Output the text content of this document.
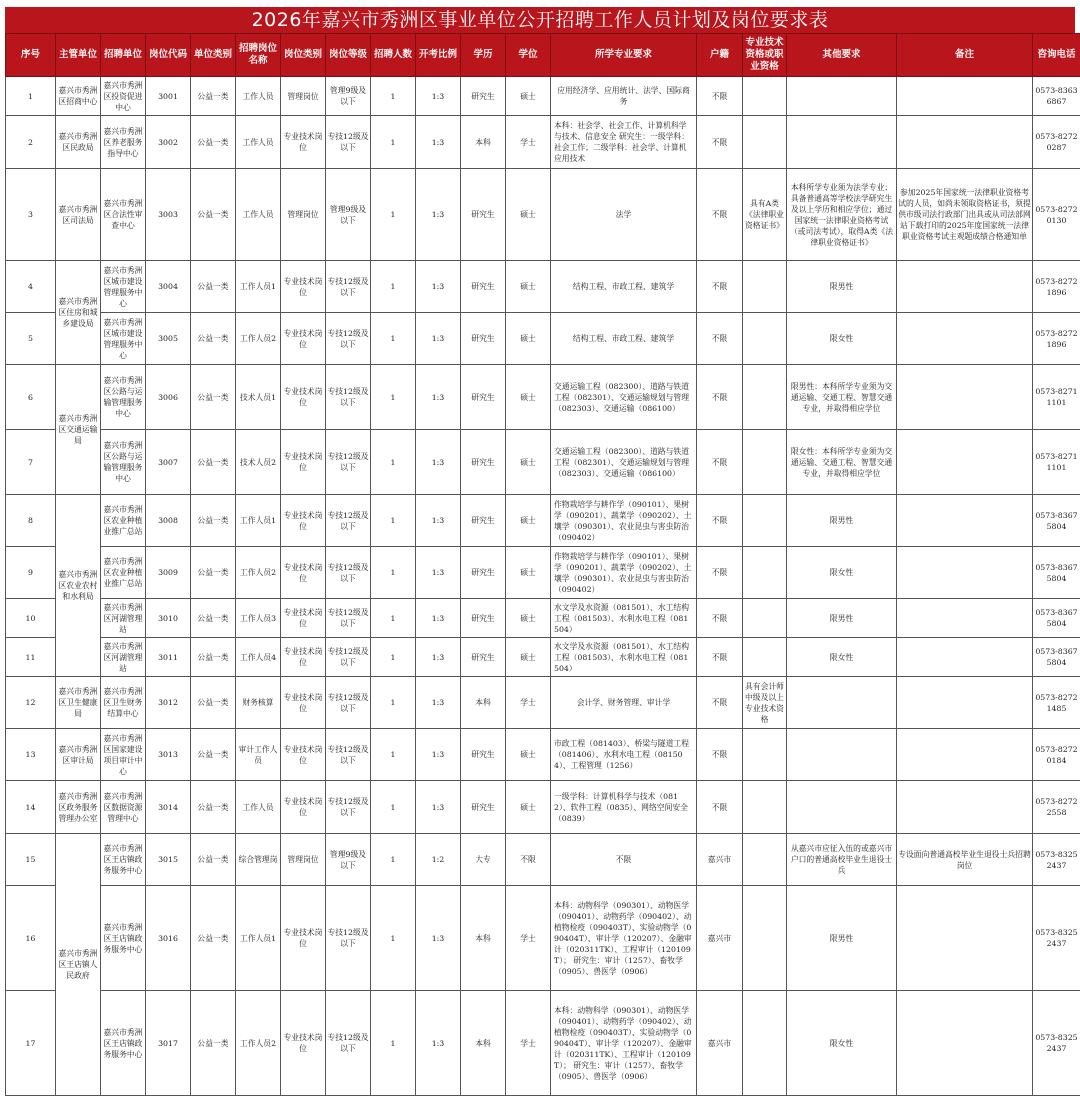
2026年嘉兴市秀洲区事业单位公开招聘工作人员计划及岗位要求表
序号	主管单位	招聘单位	岗位代码	单位类别	招聘岗位名称	岗位类别	岗位等级	招聘人数	开考比例	学历	学位	所学专业要求	户籍	专业技术资格或职业资格	其他要求	备注	咨询电话
1	嘉兴市秀洲区招商中心	嘉兴市秀洲区投资促进中心	3001	公益一类	工作人员	管理岗位	管理9级及以下	1	1:3	研究生	硕士	应用经济学、应用统计、法学、国际商务	不限				0573-83636867
2	嘉兴市秀洲区民政局	嘉兴市秀洲区养老服务指导中心	3002	公益一类	工作人员	专业技术岗位	专技12级及以下	1	1:3	本科	学士	本科：社会学、社会工作、计算机科学与技术、信息安全 研究生：一级学科：社会工作；二级学科：社会学、计算机应用技术	不限				0573-82720287
3	嘉兴市秀洲区司法局	嘉兴市秀洲区合法性审查中心	3003	公益一类	工作人员	管理岗位	管理9级及以下	1	1:3	研究生	硕士	法学	不限	具有A类《法律职业资格证书》	本科所学专业须为法学专业；具备普通高等学校法学研究生及以上学历和相应学位；通过国家统一法律职业资格考试（或司法考试），取得A类《法律职业资格证书》	参加2025年国家统一法律职业资格考试的人员，如尚未领取资格证书，须提供市级司法行政部门出具或从司法部网站下载打印的2025年度国家统一法律职业资格考试主观题成绩合格通知单	0573-82720130
4	嘉兴市秀洲区住房和城乡建设局	嘉兴市秀洲区城市建设管理服务中心	3004	公益一类	工作人员1	专业技术岗位	专技12级及以下	1	1:3	研究生	硕士	结构工程、市政工程、建筑学	不限		限男性		0573-82721896
5		嘉兴市秀洲区城市建设管理服务中心	3005	公益一类	工作人员2	专业技术岗位	专技12级及以下	1	1:3	研究生	硕士	结构工程、市政工程、建筑学	不限		限女性		0573-82721896
6	嘉兴市秀洲区交通运输局	嘉兴市秀洲区公路与运输管理服务中心	3006	公益一类	技术人员1	专业技术岗位	专技12级及以下	1	1:3	研究生	硕士	交通运输工程（082300）、道路与铁道工程（082301）、交通运输规划与管理（082303）、交通运输（086100）	不限		限男性：本科所学专业须为交通运输、交通工程、智慧交通专业，并取得相应学位		0573-82711101
7		嘉兴市秀洲区公路与运输管理服务中心	3007	公益一类	技术人员2	专业技术岗位	专技12级及以下	1	1:3	研究生	硕士	交通运输工程（082300）、道路与铁道工程（082301）、交通运输规划与管理（082303）、交通运输（086100）	不限		限女性：本科所学专业须为交通运输、交通工程、智慧交通专业，并取得相应学位		0573-82711101
8	嘉兴市秀洲区农业农村和水利局	嘉兴市秀洲区农业种植业推广总站	3008	公益一类	工作人员1	专业技术岗位	专技12级及以下	1	1:3	研究生	硕士	作物栽培学与耕作学（090101）、果树学（090201）、蔬菜学（090202）、土壤学（090301）、农业昆虫与害虫防治（090402）	不限		限男性		0573-83675804
9		嘉兴市秀洲区农业种植业推广总站	3009	公益一类	工作人员2	专业技术岗位	专技12级及以下	1	1:3	研究生	硕士	作物栽培学与耕作学（090101）、果树学（090201）、蔬菜学（090202）、土壤学（090301）、农业昆虫与害虫防治（090402）	不限		限女性		0573-83675804
10		嘉兴市秀洲区河湖管理站	3010	公益一类	工作人员3	专业技术岗位	专技12级及以下	1	1:3	研究生	硕士	水文学及水资源（081501）、水工结构工程（081503）、水利水电工程（081504）	不限		限男性		0573-83675804
11		嘉兴市秀洲区河湖管理站	3011	公益一类	工作人员4	专业技术岗位	专技12级及以下	1	1:3	研究生	硕士	水文学及水资源（081501）、水工结构工程（081503）、水利水电工程（081504）	不限		限女性		0573-83675804
12	嘉兴市秀洲区卫生健康局	嘉兴市秀洲区卫生财务结算中心	3012	公益一类	财务核算	专业技术岗位	专技12级及以下	1	1:3	本科	学士	会计学、财务管理、审计学	不限	具有会计师中级及以上专业技术资格			0573-82721485
13	嘉兴市秀洲区审计局	嘉兴市秀洲区国家建设项目审计中心	3013	公益一类	审计工作人员	专业技术岗位	专技12级及以下	1	1:3	研究生	硕士	市政工程（081403）、桥梁与隧道工程（081406）、水利水电工程（081504）、工程管理（1256）	不限				0573-82720184
14	嘉兴市秀洲区政务服务管理办公室	嘉兴市秀洲区数据资源管理中心	3014	公益一类	工作人员	专业技术岗位	专技12级及以下	1	1:3	研究生	硕士	一级学科：计算机科学与技术（0812）、软件工程（0835）、网络空间安全（0839）	不限				0573-82722558
15	嘉兴市秀洲区王店镇人民政府	嘉兴市秀洲区王店镇政务服务中心	3015	公益一类	综合管理岗	管理岗位	管理9级及以下	1	1:2	大专	不限	不限	嘉兴市		从嘉兴市应征入伍的或嘉兴市户口的普通高校毕业生退役士兵	专设面向普通高校毕业生退役士兵招聘岗位	0573-83252437
16		嘉兴市秀洲区王店镇政务服务中心	3016	公益一类	工作人员1	专业技术岗位	专技12级及以下	1	1:3	本科	学士	本科：动物科学（090301）、动物医学（090401）、动物药学（090402）、动植物检疫（090403T）、实验动物学（090404T）、审计学（120207）、金融审计（020311TK）、工程审计（120109T）； 研究生：审计（1257）、畜牧学（0905）、兽医学（0906）	嘉兴市		限男性		0573-83252437
17		嘉兴市秀洲区王店镇政务服务中心	3017	公益一类	工作人员2	专业技术岗位	专技12级及以下	1	1:3	本科	学士	本科：动物科学（090301）、动物医学（090401）、动物药学（090402）、动植物检疫（090403T）、实验动物学（090404T）、审计学（120207）、金融审计（020311TK）、工程审计（120109T）； 研究生：审计（1257）、畜牧学（0905）、兽医学（0906）	嘉兴市		限女性		0573-83252437
